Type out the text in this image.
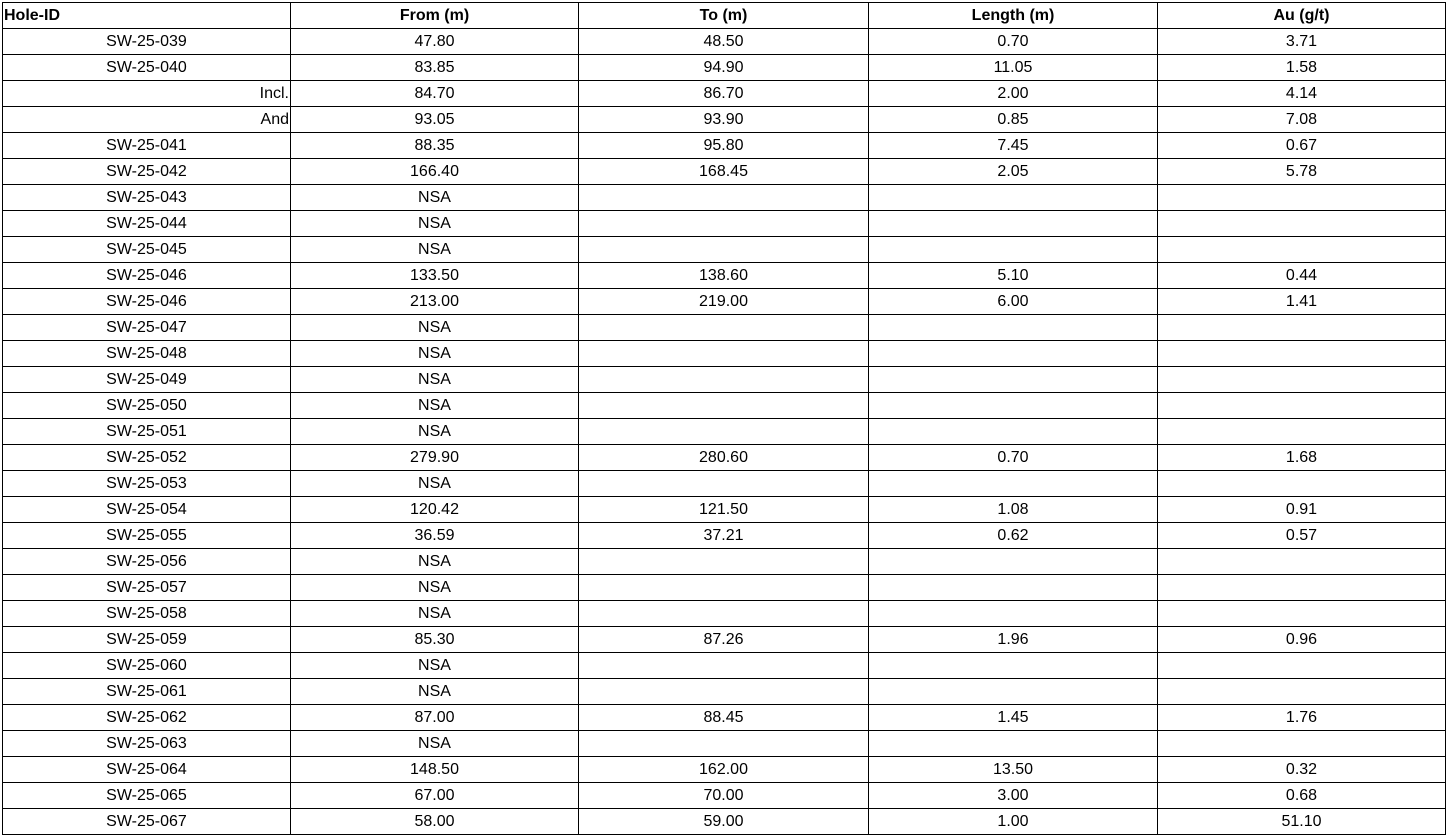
Hole-ID	From (m)	To (m)	Length (m)	Au (g/t)
SW-25-039	47.80	48.50	0.70	3.71
SW-25-040	83.85	94.90	11.05	1.58
Incl.	84.70	86.70	2.00	4.14
And	93.05	93.90	0.85	7.08
SW-25-041	88.35	95.80	7.45	0.67
SW-25-042	166.40	168.45	2.05	5.78
SW-25-043	NSA			
SW-25-044	NSA			
SW-25-045	NSA			
SW-25-046	133.50	138.60	5.10	0.44
SW-25-046	213.00	219.00	6.00	1.41
SW-25-047	NSA			
SW-25-048	NSA			
SW-25-049	NSA			
SW-25-050	NSA			
SW-25-051	NSA			
SW-25-052	279.90	280.60	0.70	1.68
SW-25-053	NSA			
SW-25-054	120.42	121.50	1.08	0.91
SW-25-055	36.59	37.21	0.62	0.57
SW-25-056	NSA			
SW-25-057	NSA			
SW-25-058	NSA			
SW-25-059	85.30	87.26	1.96	0.96
SW-25-060	NSA			
SW-25-061	NSA			
SW-25-062	87.00	88.45	1.45	1.76
SW-25-063	NSA			
SW-25-064	148.50	162.00	13.50	0.32
SW-25-065	67.00	70.00	3.00	0.68
SW-25-067	58.00	59.00	1.00	51.10
